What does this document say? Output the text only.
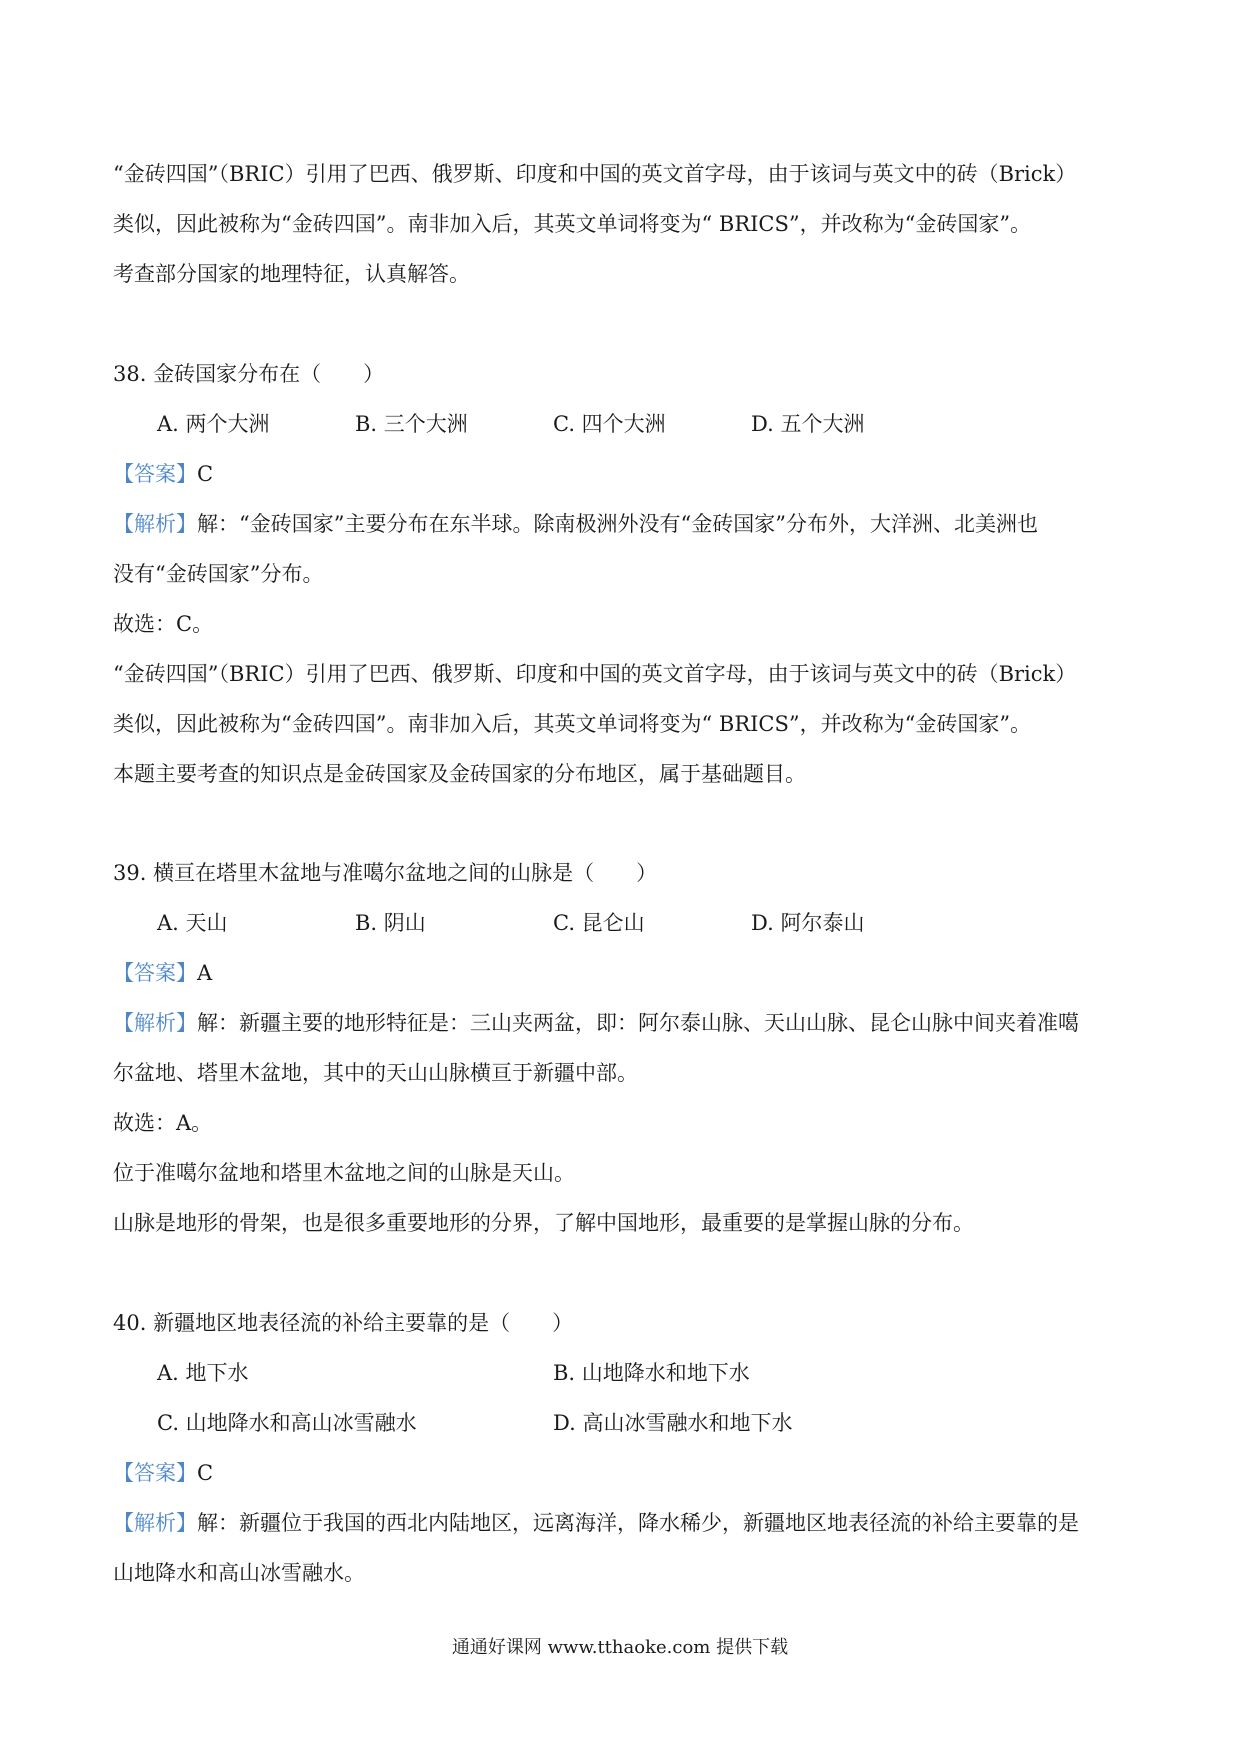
“金砖四国”（BRIC）引用了巴西、俄罗斯、印度和中国的英文首字母，由于该词与英文中的砖（Brick）
类似，因此被称为“金砖四国”。南非加入后，其英文单词将变为“ BRICS”，并改称为“金砖国家”。
考查部分国家的地理特征，认真解答。
38. 金砖国家分布在（　　）
A. 两个大洲	B. 三个大洲	C. 四个大洲	D. 五个大洲
【答案】C
【解析】解：“金砖国家”主要分布在东半球。除南极洲外没有“金砖国家”分布外，大洋洲、北美洲也
没有“金砖国家”分布。
故选：C。
“金砖四国”（BRIC）引用了巴西、俄罗斯、印度和中国的英文首字母，由于该词与英文中的砖（Brick）
类似，因此被称为“金砖四国”。南非加入后，其英文单词将变为“ BRICS”，并改称为“金砖国家”。
本题主要考查的知识点是金砖国家及金砖国家的分布地区，属于基础题目。
39. 横亘在塔里木盆地与准噶尔盆地之间的山脉是（　　）
A. 天山	B. 阴山	C. 昆仑山	D. 阿尔泰山
【答案】A
【解析】解：新疆主要的地形特征是：三山夹两盆，即：阿尔泰山脉、天山山脉、昆仑山脉中间夹着准噶
尔盆地、塔里木盆地，其中的天山山脉横亘于新疆中部。
故选：A。
位于准噶尔盆地和塔里木盆地之间的山脉是天山。
山脉是地形的骨架，也是很多重要地形的分界，了解中国地形，最重要的是掌握山脉的分布。
40. 新疆地区地表径流的补给主要靠的是（　　）
A. 地下水	B. 山地降水和地下水
C. 山地降水和高山冰雪融水	D. 高山冰雪融水和地下水
【答案】C
【解析】解：新疆位于我国的西北内陆地区，远离海洋，降水稀少，新疆地区地表径流的补给主要靠的是
山地降水和高山冰雪融水。
通通好课网 www.tthaoke.com 提供下载
